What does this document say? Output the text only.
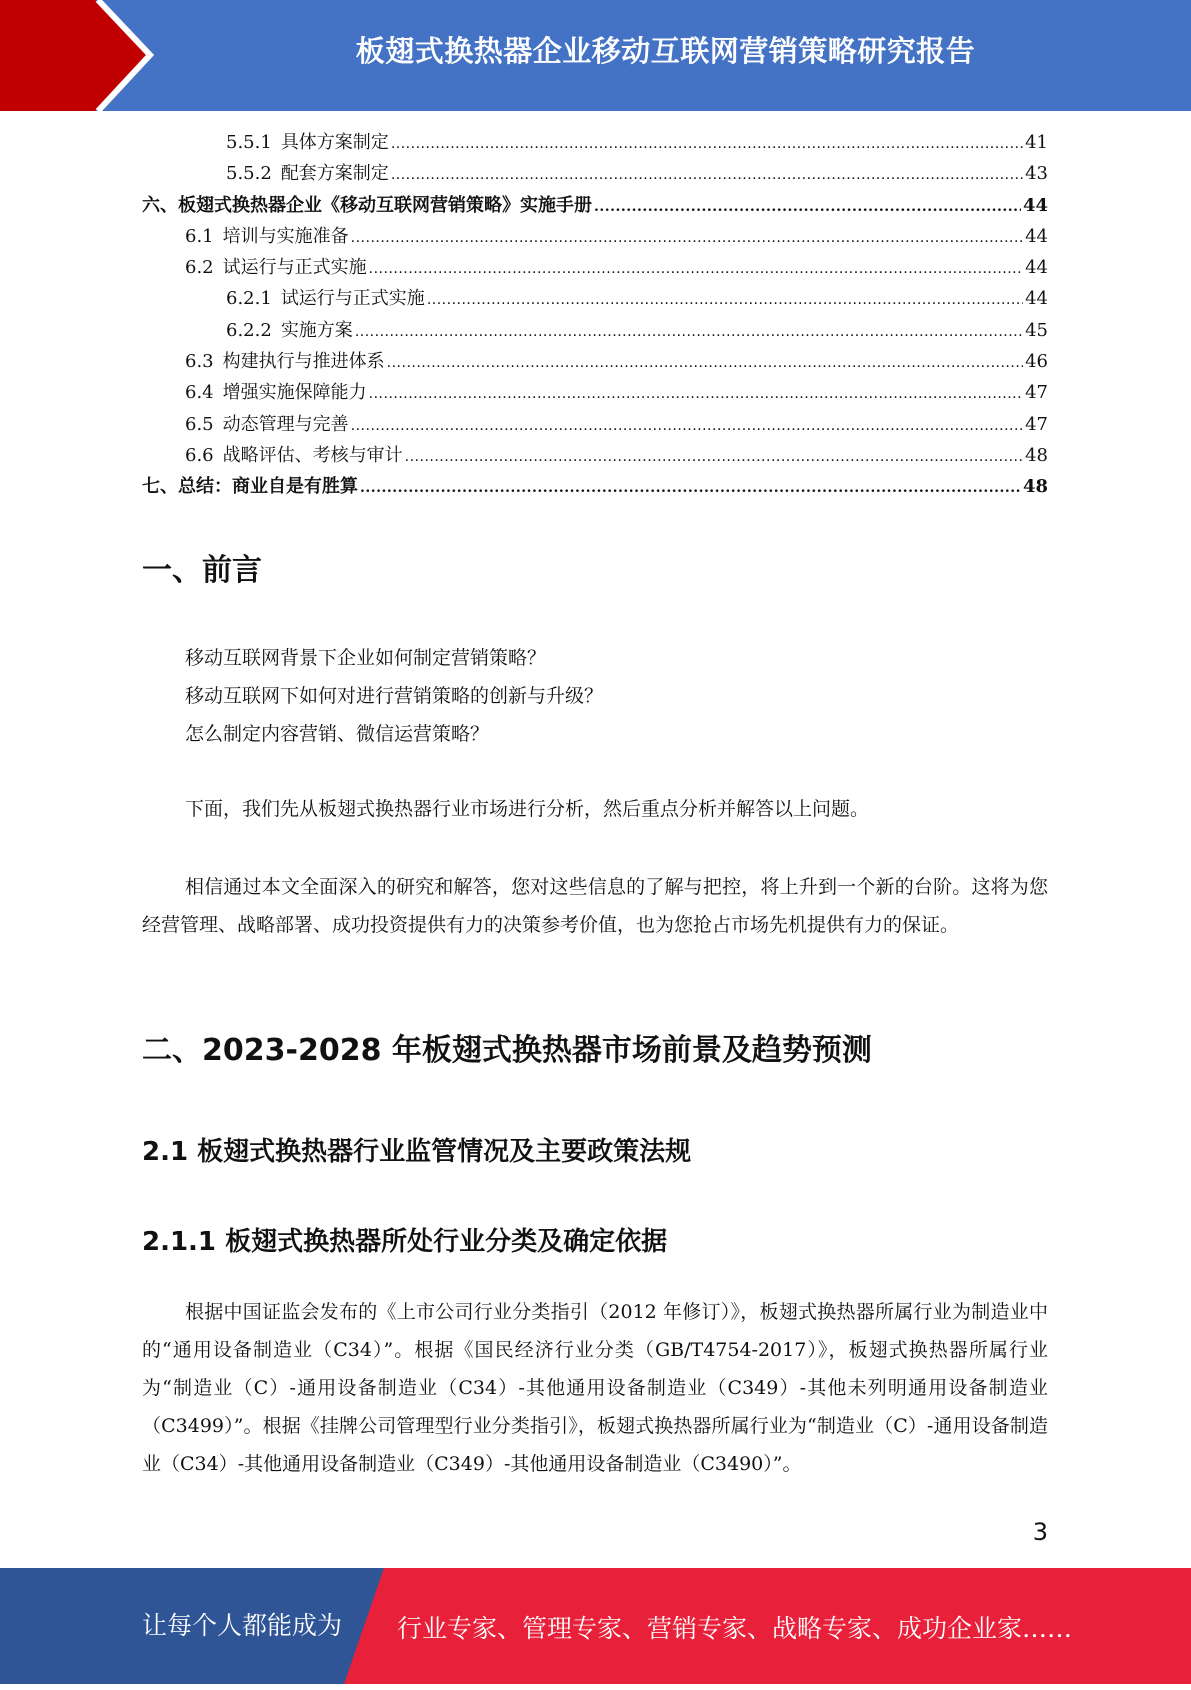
板翅式换热器企业移动互联网营销策略研究报告
5.5.1 具体方案制定 .....	41
5.5.2 配套方案制定 .....	43
六、板翅式换热器企业《移动互联网营销策略》实施手册 .....	44
6.1 培训与实施准备 .....	44
6.2 试运行与正式实施 .....	44
6.2.1 试运行与正式实施 .....	44
6.2.2 实施方案 .....	45
6.3 构建执行与推进体系 .....	46
6.4 增强实施保障能力 .....	47
6.5 动态管理与完善 .....	47
6.6 战略评估、考核与审计 .....	48
七、总结：商业自是有胜算 .....	48
一、前言

移动互联网背景下企业如何制定营销策略？

移动互联网下如何对进行营销策略的创新与升级？

怎么制定内容营销、微信运营策略？

下面，我们先从板翅式换热器行业市场进行分析，然后重点分析并解答以上问题。

相信通过本文全面深入的研究和解答，您对这些信息的了解与把控，将上升到一个新的台阶。这将为您经营管理、战略部署、成功投资提供有力的决策参考价值，也为您抢占市场先机提供有力的保证。

二、2023-2028 年板翅式换热器市场前景及趋势预测
2.1 板翅式换热器行业监管情况及主要政策法规
2.1.1 板翅式换热器所处行业分类及确定依据

根据中国证监会发布的《上市公司行业分类指引（2012 年修订）》，板翅式换热器所属行业为制造业中的“通用设备制造业（C34）”。根据《国民经济行业分类（GB/T4754-2017）》，板翅式换热器所属行业为“制造业（C）-通用设备制造业（C34）-其他通用设备制造业（C349）-其他未列明通用设备制造业（C3499）”。根据《挂牌公司管理型行业分类指引》，板翅式换热器所属行业为“制造业（C）-通用设备制造业（C34）-其他通用设备制造业（C349）-其他通用设备制造业（C3490）”。

3
让每个人都能成为 行业专家、管理专家、营销专家、战略专家、成功企业家……
